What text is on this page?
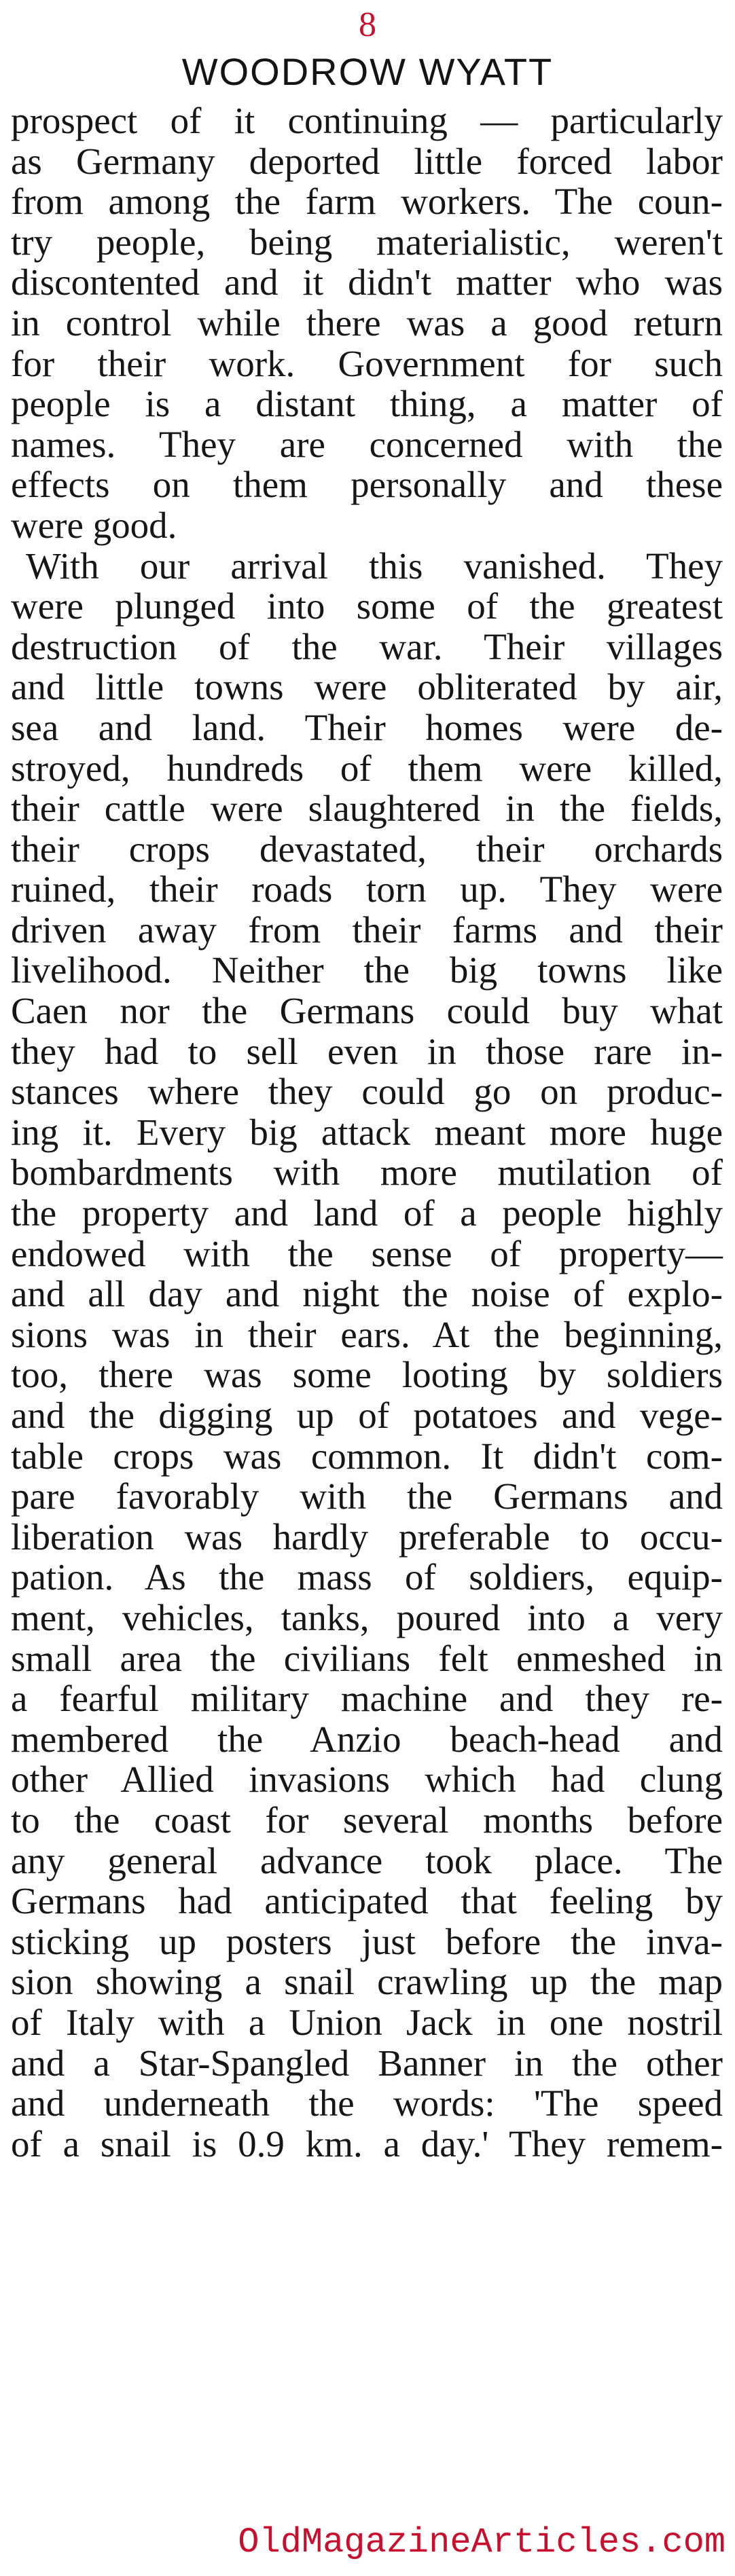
8
WOODROW WYATT
prospect of it continuing — particularly
as Germany deported little forced labor
from among the farm workers. The coun-
try people, being materialistic, weren't
discontented and it didn't matter who was
in control while there was a good return
for their work. Government for such
people is a distant thing, a matter of
names. They are concerned with the
effects on them personally and these
were good.
With our arrival this vanished. They
were plunged into some of the greatest
destruction of the war. Their villages
and little towns were obliterated by air,
sea and land. Their homes were de-
stroyed, hundreds of them were killed,
their cattle were slaughtered in the fields,
their crops devastated, their orchards
ruined, their roads torn up. They were
driven away from their farms and their
livelihood. Neither the big towns like
Caen nor the Germans could buy what
they had to sell even in those rare in-
stances where they could go on produc-
ing it. Every big attack meant more huge
bombardments with more mutilation of
the property and land of a people highly
endowed with the sense of property—
and all day and night the noise of explo-
sions was in their ears. At the beginning,
too, there was some looting by soldiers
and the digging up of potatoes and vege-
table crops was common. It didn't com-
pare favorably with the Germans and
liberation was hardly preferable to occu-
pation. As the mass of soldiers, equip-
ment, vehicles, tanks, poured into a very
small area the civilians felt enmeshed in
a fearful military machine and they re-
membered the Anzio beach-head and
other Allied invasions which had clung
to the coast for several months before
any general advance took place. The
Germans had anticipated that feeling by
sticking up posters just before the inva-
sion showing a snail crawling up the map
of Italy with a Union Jack in one nostril
and a Star-Spangled Banner in the other
and underneath the words: 'The speed
of a snail is 0.9 km. a day.' They remem-
OldMagazineArticles.com
